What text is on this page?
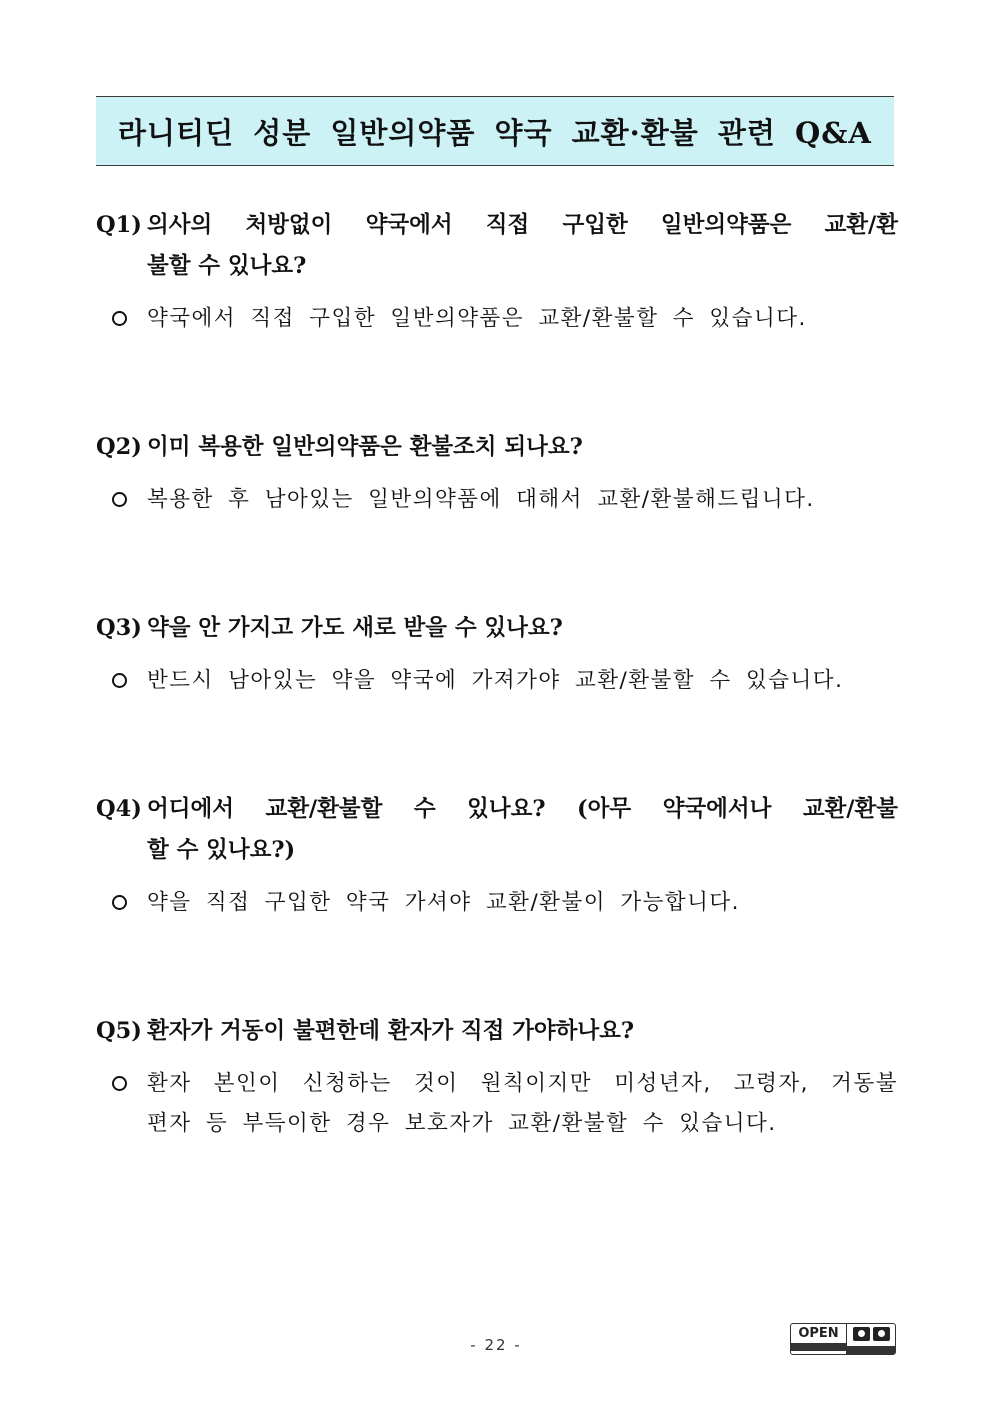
라니티딘 성분 일반의약품 약국 교환·환불 관련 Q&A
Q1) 의사의 처방없이 약국에서 직접 구입한 일반의약품은 교환/환
불할 수 있나요?
약국에서 직접 구입한 일반의약품은 교환/환불할 수 있습니다.
Q2) 이미 복용한 일반의약품은 환불조치 되나요?
복용한 후 남아있는 일반의약품에 대해서 교환/환불해드립니다.
Q3) 약을 안 가지고 가도 새로 받을 수 있나요?
반드시 남아있는 약을 약국에 가져가야 교환/환불할 수 있습니다.
Q4) 어디에서 교환/환불할 수 있나요? (아무 약국에서나 교환/환불
할 수 있나요?)
약을 직접 구입한 약국 가셔야 교환/환불이 가능합니다.
Q5) 환자가 거동이 불편한데 환자가 직접 가야하나요?
환자 본인이 신청하는 것이 원칙이지만 미성년자, 고령자, 거동불
편자 등 부득이한 경우 보호자가 교환/환불할 수 있습니다.
- 22 -
OPEN
